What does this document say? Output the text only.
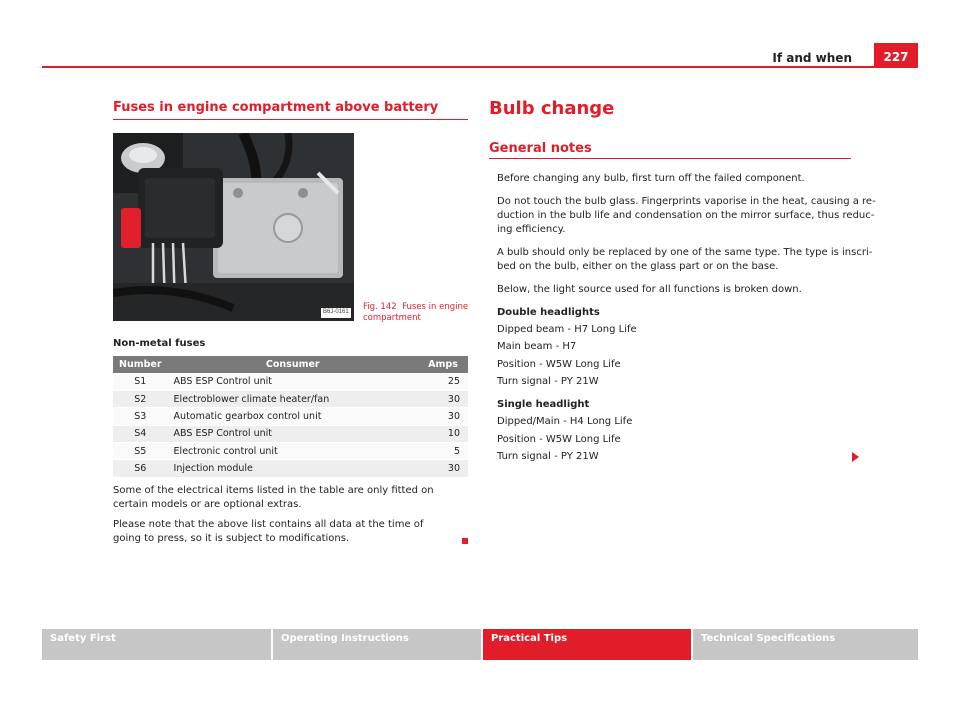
If and when	227
Fuses in engine compartment above battery
B6J-0161 Fig. 142 Fuses in engine compartment
Non-metal fuses
Number	Consumer	Amps
S1	ABS ESP Control unit	25
S2	Electroblower climate heater/fan	30
S3	Automatic gearbox control unit	30
S4	ABS ESP Control unit	10
S5	Electronic control unit	5
S6	Injection module	30
Some of the electrical items listed in the table are only fitted on certain models or are optional extras.
Please note that the above list contains all data at the time of going to press, so it is subject to modifications.
Bulb change
General notes
Before changing any bulb, first turn off the failed component.
Do not touch the bulb glass. Fingerprints vaporise in the heat, causing a re-
duction in the bulb life and condensation on the mirror surface, thus reduc-
ing efficiency.
A bulb should only be replaced by one of the same type. The type is inscri-
bed on the bulb, either on the glass part or on the base.
Below, the light source used for all functions is broken down.
Double headlights
Dipped beam - H7 Long Life
Main beam - H7
Position - W5W Long Life
Turn signal - PY 21W
Single headlight
Dipped/Main - H4 Long Life
Position - W5W Long Life
Turn signal - PY 21W
Safety First	Operating Instructions	Practical Tips	Technical Specifications
